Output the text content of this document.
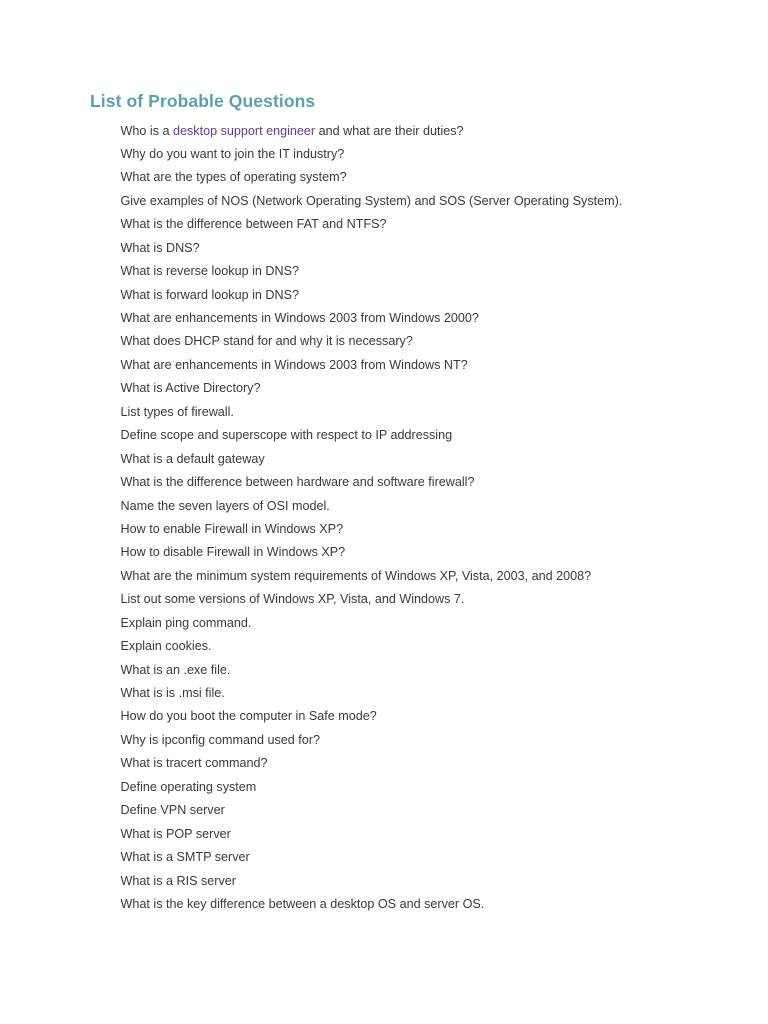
List of Probable Questions
Who is a desktop support engineer and what are their duties?
Why do you want to join the IT industry?
What are the types of operating system?
Give examples of NOS (Network Operating System) and SOS (Server Operating System).
What is the difference between FAT and NTFS?
What is DNS?
What is reverse lookup in DNS?
What is forward lookup in DNS?
What are enhancements in Windows 2003 from Windows 2000?
What does DHCP stand for and why it is necessary?
What are enhancements in Windows 2003 from Windows NT?
What is Active Directory?
List types of firewall.
Define scope and superscope with respect to IP addressing
What is a default gateway
What is the difference between hardware and software firewall?
Name the seven layers of OSI model.
How to enable Firewall in Windows XP?
How to disable Firewall in Windows XP?
What are the minimum system requirements of Windows XP, Vista, 2003, and 2008?
List out some versions of Windows XP, Vista, and Windows 7.
Explain ping command.
Explain cookies.
What is an .exe file.
What is is .msi file.
How do you boot the computer in Safe mode?
Why is ipconfig command used for?
What is tracert command?
Define operating system
Define VPN server
What is POP server
What is a SMTP server
What is a RIS server
What is the key difference between a desktop OS and server OS.
